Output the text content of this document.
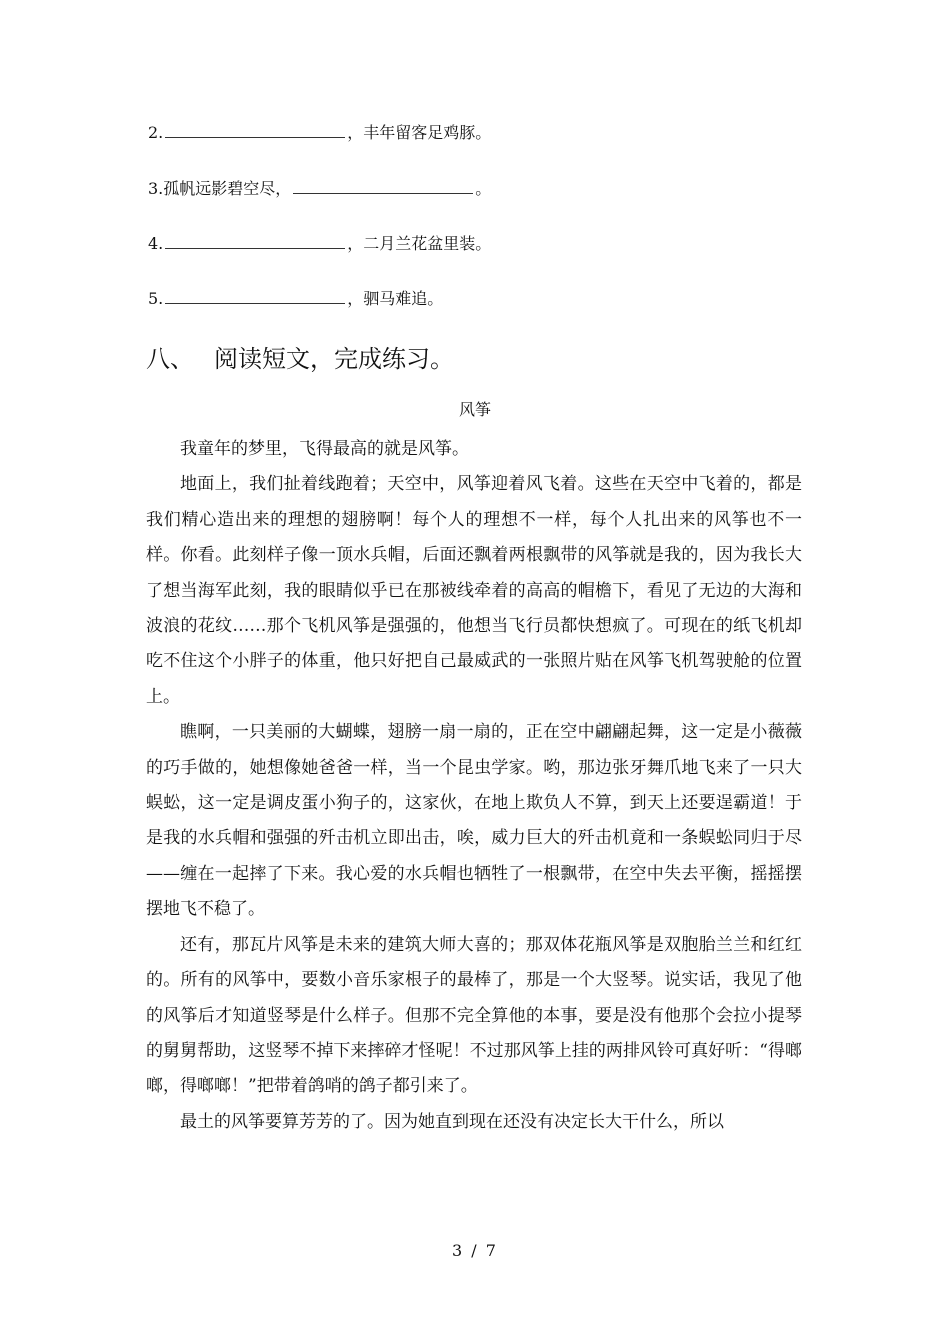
2.	，丰年留客足鸡豚。
3.孤帆远影碧空尽，	。
4.	，二月兰花盆里装。
5.	，驷马难追。
八、 阅读短文，完成练习。
风筝

我童年的梦里，飞得最高的就是风筝。

地面上，我们扯着线跑着；天空中，风筝迎着风飞着。这些在天空中飞着的，都是我们精心造出来的理想的翅膀啊！每个人的理想不一样，每个人扎出来的风筝也不一样。你看。此刻样子像一顶水兵帽，后面还飘着两根飘带的风筝就是我的，因为我长大了想当海军此刻，我的眼睛似乎已在那被线牵着的高高的帽檐下，看见了无边的大海和波浪的花纹……那个飞机风筝是强强的，他想当飞行员都快想疯了。可现在的纸飞机却吃不住这个小胖子的体重，他只好把自己最威武的一张照片贴在风筝飞机驾驶舱的位置上。

瞧啊，一只美丽的大蝴蝶，翅膀一扇一扇的，正在空中翩翩起舞，这一定是小薇薇的巧手做的，她想像她爸爸一样，当一个昆虫学家。哟，那边张牙舞爪地飞来了一只大蜈蚣，这一定是调皮蛋小狗子的，这家伙，在地上欺负人不算，到天上还要逞霸道！于是我的水兵帽和强强的歼击机立即出击，唉，威力巨大的歼击机竟和一条蜈蚣同归于尽——缠在一起摔了下来。我心爱的水兵帽也牺牲了一根飘带，在空中失去平衡，摇摇摆摆地飞不稳了。

还有，那瓦片风筝是未来的建筑大师大喜的；那双体花瓶风筝是双胞胎兰兰和红红的。所有的风筝中，要数小音乐家根子的最棒了，那是一个大竖琴。说实话，我见了他的风筝后才知道竖琴是什么样子。但那不完全算他的本事，要是没有他那个会拉小提琴的舅舅帮助，这竖琴不掉下来摔碎才怪呢！不过那风筝上挂的两排风铃可真好听：“得啷啷，得啷啷！”把带着鸽哨的鸽子都引来了。

最土的风筝要算芳芳的了。因为她直到现在还没有决定长大干什么，所以

3 / 7
